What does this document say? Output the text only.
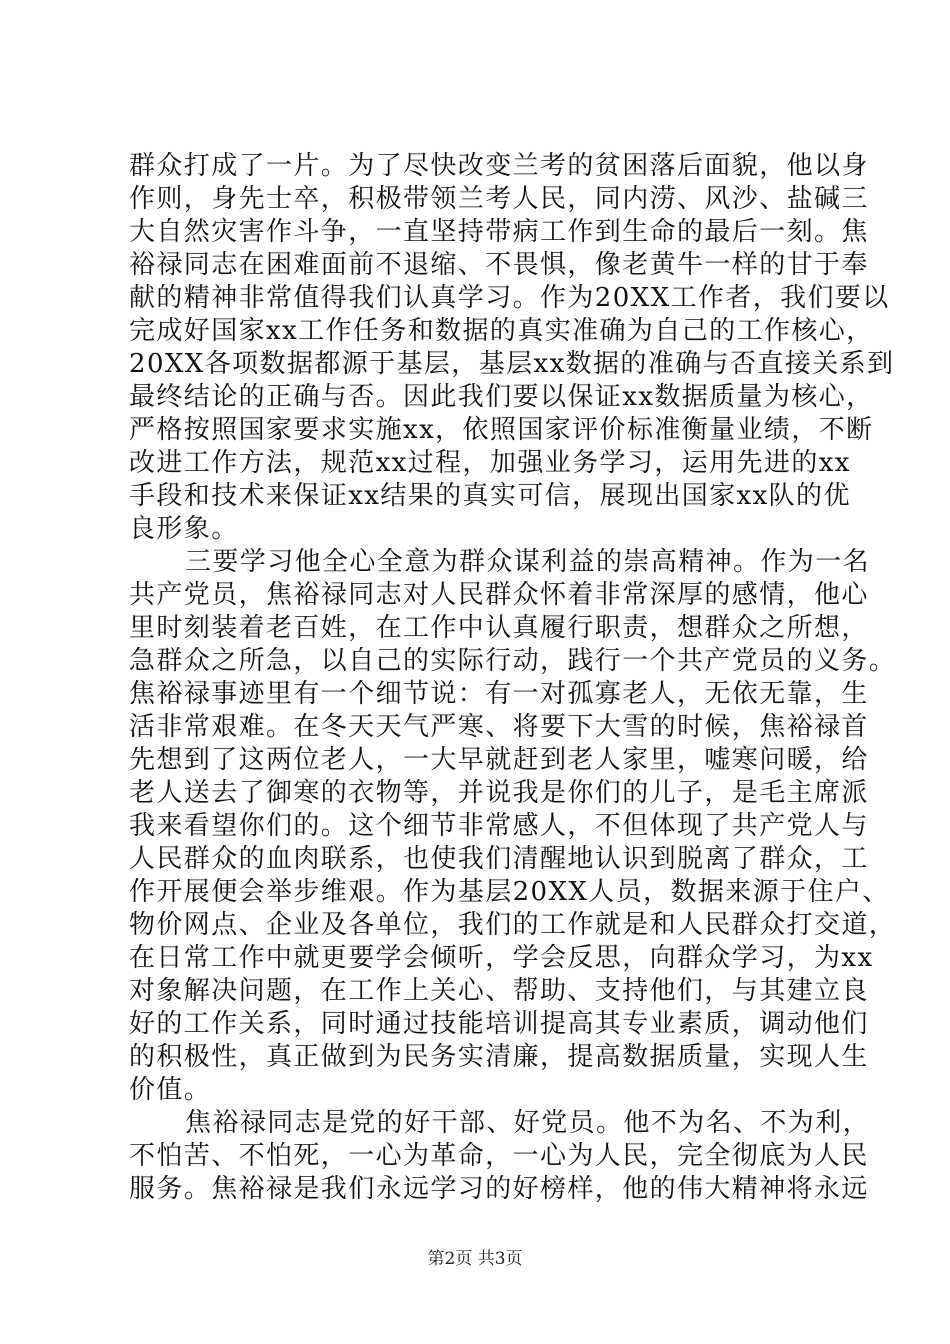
群众打成了一片。为了尽快改变兰考的贫困落后面貌，他以身
作则，身先士卒，积极带领兰考人民，同内涝、风沙、盐碱三
大自然灾害作斗争，一直坚持带病工作到生命的最后一刻。焦
裕禄同志在困难面前不退缩、不畏惧，像老黄牛一样的甘于奉
献的精神非常值得我们认真学习。作为20XX工作者，我们要以
完成好国家xx工作任务和数据的真实准确为自己的工作核心，
20XX各项数据都源于基层，基层xx数据的准确与否直接关系到
最终结论的正确与否。因此我们要以保证xx数据质量为核心，
严格按照国家要求实施xx，依照国家评价标准衡量业绩，不断
改进工作方法，规范xx过程，加强业务学习，运用先进的xx
手段和技术来保证xx结果的真实可信，展现出国家xx队的优
良形象。
三要学习他全心全意为群众谋利益的崇高精神。作为一名
共产党员，焦裕禄同志对人民群众怀着非常深厚的感情，他心
里时刻装着老百姓，在工作中认真履行职责，想群众之所想，
急群众之所急，以自己的实际行动，践行一个共产党员的义务。
焦裕禄事迹里有一个细节说：有一对孤寡老人，无依无靠，生
活非常艰难。在冬天天气严寒、将要下大雪的时候，焦裕禄首
先想到了这两位老人，一大早就赶到老人家里，嘘寒问暖，给
老人送去了御寒的衣物等，并说我是你们的儿子，是毛主席派
我来看望你们的。这个细节非常感人，不但体现了共产党人与
人民群众的血肉联系，也使我们清醒地认识到脱离了群众，工
作开展便会举步维艰。作为基层20XX人员，数据来源于住户、
物价网点、企业及各单位，我们的工作就是和人民群众打交道，
在日常工作中就更要学会倾听，学会反思，向群众学习，为xx
对象解决问题，在工作上关心、帮助、支持他们，与其建立良
好的工作关系，同时通过技能培训提高其专业素质，调动他们
的积极性，真正做到为民务实清廉，提高数据质量，实现人生
价值。
焦裕禄同志是党的好干部、好党员。他不为名、不为利，
不怕苦、不怕死，一心为革命，一心为人民，完全彻底为人民
服务。焦裕禄是我们永远学习的好榜样，他的伟大精神将永远
第2页 共3页
